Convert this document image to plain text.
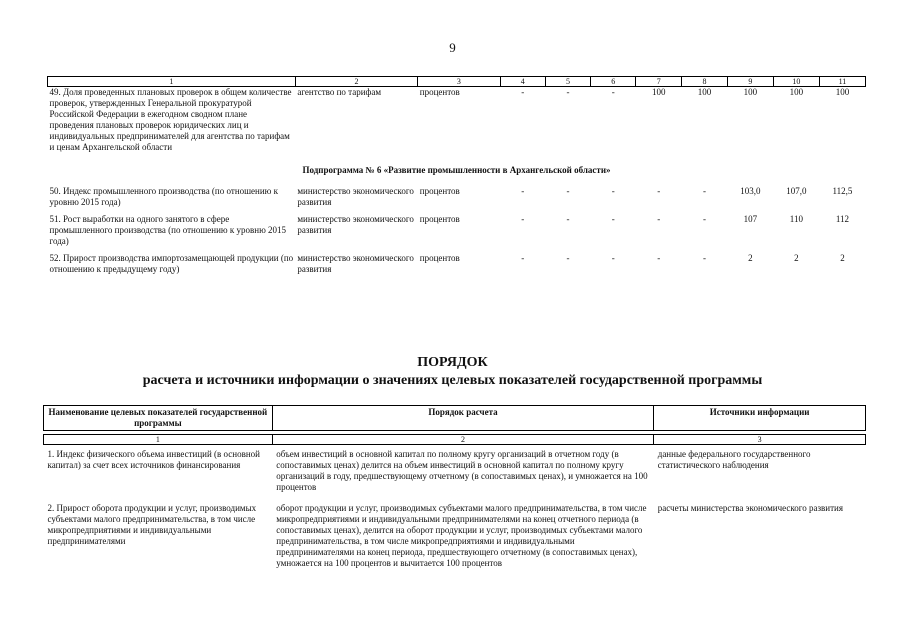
9
1	2	3	4	5	6	7	8	9	10	11
49. Доля проведенных плановых проверок в общем количестве проверок, утвержденных Генеральной прокуратурой Российской Федерации в ежегодном сводном плане проведения плановых проверок юридических лиц и индивидуальных предпринимателей для агентства по тарифам и ценам Архангельской области	агентство по тарифам	процентов	-	-	-	100	100	100	100	100
Подпрограмма № 6 «Развитие промышленности в Архангельской области»										
50. Индекс промышленного производства (по отношению к уровню 2015 года)	министерство экономического развития	процентов	-	-	-	-	-	103,0	107,0	112,5
51. Рост выработки на одного занятого в сфере промышленного производства (по отношению к уровню 2015 года)	министерство экономического развития	процентов	-	-	-	-	-	107	110	112
52. Прирост производства импортозамещающей продукции (по отношению к предыдущему году)	министерство экономического развития	процентов	-	-	-	-	-	2	2	2
ПОРЯДОК
расчета и источники информации о значениях целевых показателей государственной программы
Наименование целевых показателей государственной программы	Порядок расчета	Источники информации

1	2	3
1. Индекс физического объема инвестиций (в основной капитал) за счет всех источников финансирования	объем инвестиций в основной капитал по полному кругу организаций в отчетном году (в сопоставимых ценах) делится на объем инвестиций в основной капитал по полному кругу организаций в году, предшествующему отчетному (в сопоставимых ценах), и умножается на 100 процентов	данные федерального государственного статистического наблюдения
2. Прирост оборота продукции и услуг, производимых субъектами малого предпринимательства, в том числе микропредприятиями и индивидуальными предпринимателями	оборот продукции и услуг, производимых субъектами малого предпринимательства, в том числе микропредприятиями и индивидуальными предпринимателями на конец отчетного периода (в сопоставимых ценах), делится на оборот продукции и услуг, производимых субъектами малого предпринимательства, в том числе микропредприятиями и индивидуальными предпринимателями на конец периода, предшествующего отчетному (в сопоставимых ценах), умножается на 100 процентов и вычитается 100 процентов	расчеты министерства экономического развития
